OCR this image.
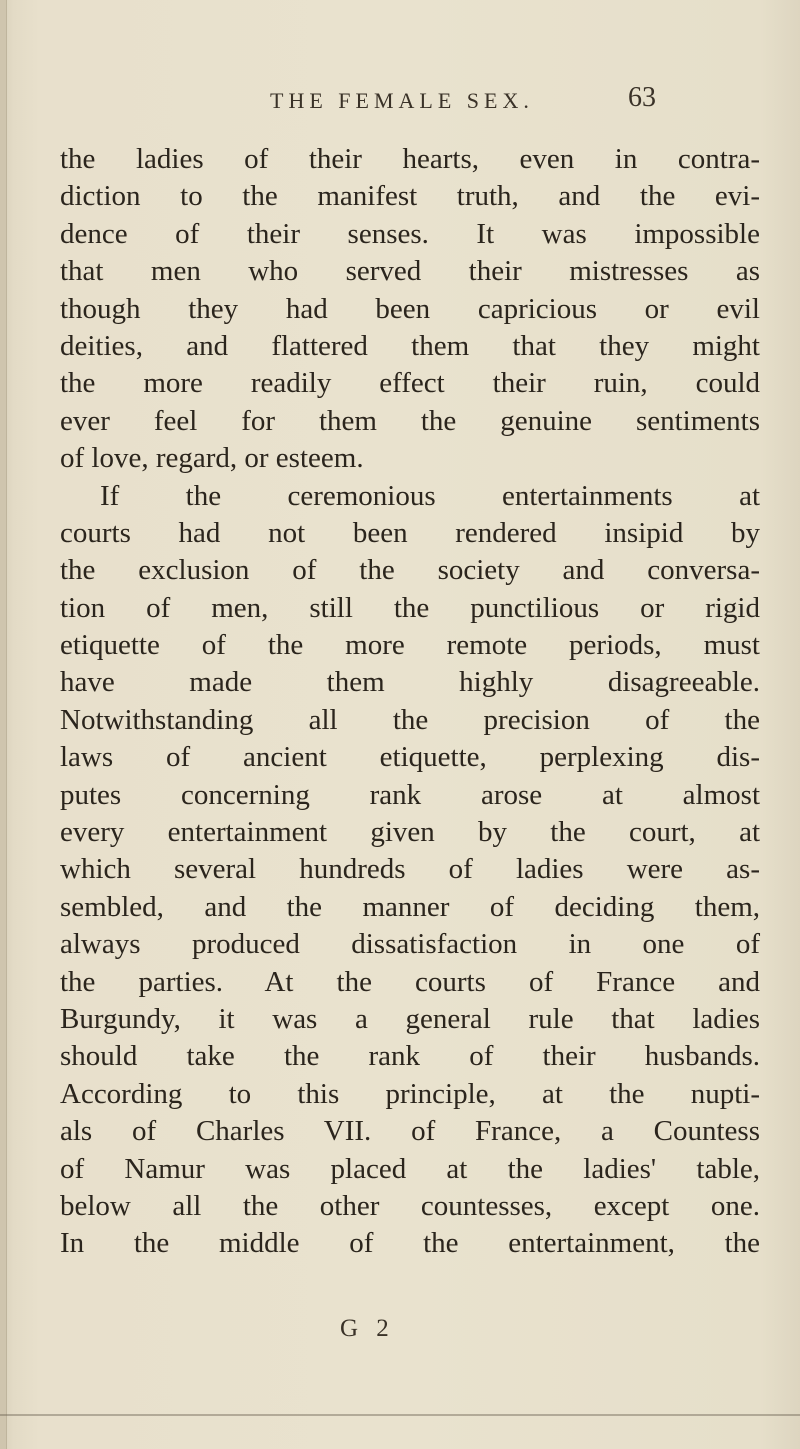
THE FEMALE SEX.	63
the ladies of their hearts, even in contra-
diction to the manifest truth, and the evi-
dence of their senses. It was impossible
that men who served their mistresses as
though they had been capricious or evil
deities, and flattered them that they might
the more readily effect their ruin, could
ever feel for them the genuine sentiments
of love, regard, or esteem.
If the ceremonious entertainments at
courts had not been rendered insipid by
the exclusion of the society and conversa-
tion of men, still the punctilious or rigid
etiquette of the more remote periods, must
have made them highly disagreeable.
Notwithstanding all the precision of the
laws of ancient etiquette, perplexing dis-
putes concerning rank arose at almost
every entertainment given by the court, at
which several hundreds of ladies were as-
sembled, and the manner of deciding them,
always produced dissatisfaction in one of
the parties. At the courts of France and
Burgundy, it was a general rule that ladies
should take the rank of their husbands.
According to this principle, at the nupti-
als of Charles VII. of France, a Countess
of Namur was placed at the ladies' table,
below all the other countesses, except one.
In the middle of the entertainment, the
G 2
